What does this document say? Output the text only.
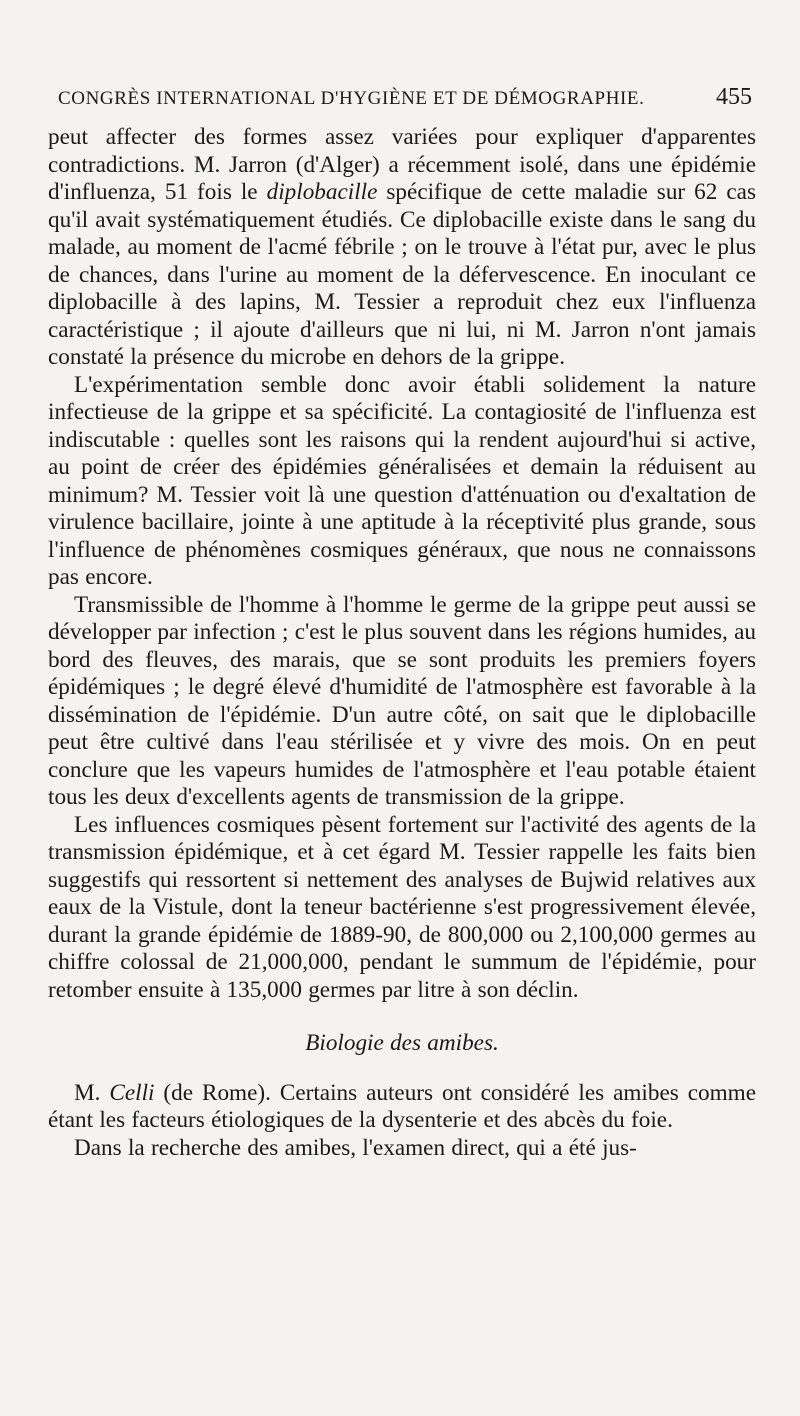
CONGRÈS INTERNATIONAL D'HYGIÈNE ET DE DÉMOGRAPHIE.	455

peut affecter des formes assez variées pour expliquer d'apparentes contradictions. M. Jarron (d'Alger) a récemment isolé, dans une épidémie d'influenza, 51 fois le diplobacille spécifique de cette maladie sur 62 cas qu'il avait systématiquement étudiés. Ce diplobacille existe dans le sang du malade, au moment de l'acmé fébrile ; on le trouve à l'état pur, avec le plus de chances, dans l'urine au moment de la défervescence. En inoculant ce diplobacille à des lapins, M. Tessier a reproduit chez eux l'influenza caractéristique ; il ajoute d'ailleurs que ni lui, ni M. Jarron n'ont jamais constaté la présence du microbe en dehors de la grippe.

L'expérimentation semble donc avoir établi solidement la nature infectieuse de la grippe et sa spécificité. La contagiosité de l'influenza est indiscutable : quelles sont les raisons qui la rendent aujourd'hui si active, au point de créer des épidémies généralisées et demain la réduisent au minimum? M. Tessier voit là une question d'atténuation ou d'exaltation de virulence bacillaire, jointe à une aptitude à la réceptivité plus grande, sous l'influence de phénomènes cosmiques généraux, que nous ne connaissons pas encore.

Transmissible de l'homme à l'homme le germe de la grippe peut aussi se développer par infection ; c'est le plus souvent dans les régions humides, au bord des fleuves, des marais, que se sont produits les premiers foyers épidémiques ; le degré élevé d'humidité de l'atmosphère est favorable à la dissémination de l'épidémie. D'un autre côté, on sait que le diplobacille peut être cultivé dans l'eau stérilisée et y vivre des mois. On en peut conclure que les vapeurs humides de l'atmosphère et l'eau potable étaient tous les deux d'excellents agents de transmission de la grippe.

Les influences cosmiques pèsent fortement sur l'activité des agents de la transmission épidémique, et à cet égard M. Tessier rappelle les faits bien suggestifs qui ressortent si nettement des analyses de Bujwid relatives aux eaux de la Vistule, dont la teneur bactérienne s'est progressivement élevée, durant la grande épidémie de 1889-90, de 800,000 ou 2,100,000 germes au chiffre colossal de 21,000,000, pendant le summum de l'épidémie, pour retomber ensuite à 135,000 germes par litre à son déclin.

Biologie des amibes.

M. Celli (de Rome). Certains auteurs ont considéré les amibes comme étant les facteurs étiologiques de la dysenterie et des abcès du foie.

Dans la recherche des amibes, l'examen direct, qui a été jus-
